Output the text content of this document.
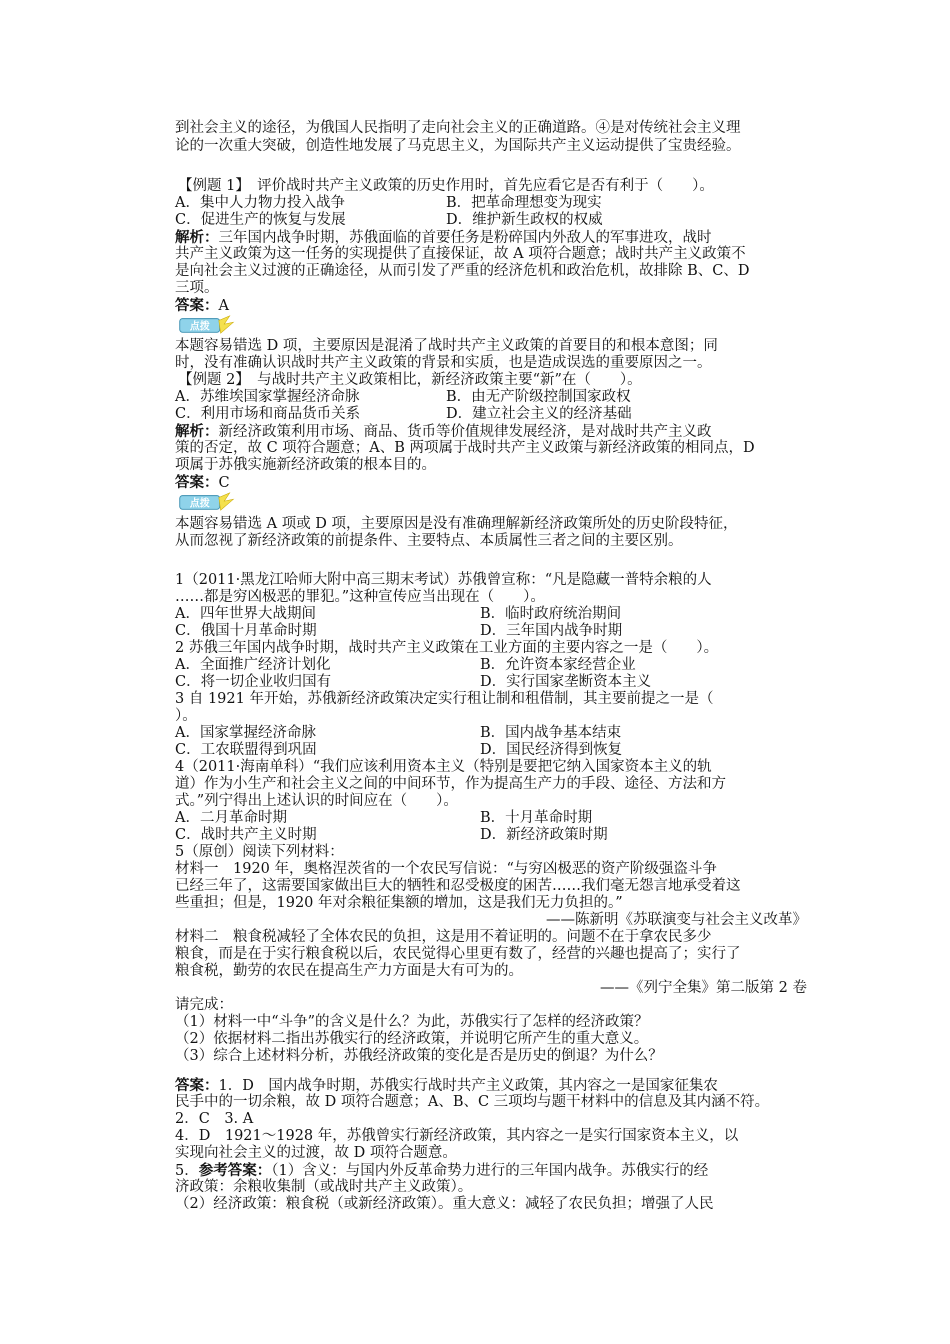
到社会主义的途径，为俄国人民指明了走向社会主义的正确道路。④是对传统社会主义理
论的一次重大突破，创造性地发展了马克思主义，为国际共产主义运动提供了宝贵经验。
【例题 1】　评价战时共产主义政策的历史作用时，首先应看它是否有利于（　　）。
A．集中人力物力投入战争	B．把革命理想变为现实
C．促进生产的恢复与发展	D．维护新生政权的权威
解析：三年国内战争时期，苏俄面临的首要任务是粉碎国内外敌人的军事进攻，战时
共产主义政策为这一任务的实现提供了直接保证，故 A 项符合题意；战时共产主义政策不
是向社会主义过渡的正确途径，从而引发了严重的经济危机和政治危机，故排除 B、C、D
三项。
答案：A
点拨
本题容易错选 D 项，主要原因是混淆了战时共产主义政策的首要目的和根本意图；同
时，没有准确认识战时共产主义政策的背景和实质，也是造成误选的重要原因之一。
【例题 2】　与战时共产主义政策相比，新经济政策主要“新”在（　　）。
A．苏维埃国家掌握经济命脉	B．由无产阶级控制国家政权
C．利用市场和商品货币关系	D．建立社会主义的经济基础
解析：新经济政策利用市场、商品、货币等价值规律发展经济，是对战时共产主义政
策的否定，故 C 项符合题意；A、B 两项属于战时共产主义政策与新经济政策的相同点，D
项属于苏俄实施新经济政策的根本目的。
答案：C
点拨
本题容易错选 A 项或 D 项，主要原因是没有准确理解新经济政策所处的历史阶段特征，
从而忽视了新经济政策的前提条件、主要特点、本质属性三者之间的主要区别。
1（2011·黑龙江哈师大附中高三期末考试）苏俄曾宣称：“凡是隐藏一普特余粮的人
……都是穷凶极恶的罪犯。”这种宣传应当出现在（　　）。
A．四年世界大战期间	B．临时政府统治期间
C．俄国十月革命时期	D．三年国内战争时期
2 苏俄三年国内战争时期，战时共产主义政策在工业方面的主要内容之一是（　　）。
A．全面推广经济计划化	B．允许资本家经营企业
C．将一切企业收归国有	D．实行国家垄断资本主义
3 自 1921 年开始，苏俄新经济政策决定实行租让制和租借制，其主要前提之一是（
）。
A．国家掌握经济命脉	B．国内战争基本结束
C．工农联盟得到巩固	D．国民经济得到恢复
4（2011·海南单科）“我们应该利用资本主义（特别是要把它纳入国家资本主义的轨
道）作为小生产和社会主义之间的中间环节，作为提高生产力的手段、途径、方法和方
式。”列宁得出上述认识的时间应在（　　）。
A．二月革命时期	B．十月革命时期
C．战时共产主义时期	D．新经济政策时期
5（原创）阅读下列材料：
材料一　1920 年，奥格涅茨省的一个农民写信说：“与穷凶极恶的资产阶级强盗斗争
已经三年了，这需要国家做出巨大的牺牲和忍受极度的困苦……我们毫无怨言地承受着这
些重担；但是，1920 年对余粮征集额的增加，这是我们无力负担的。”
——陈新明《苏联演变与社会主义改革》
材料二　粮食税减轻了全体农民的负担，这是用不着证明的。问题不在于拿农民多少
粮食，而是在于实行粮食税以后，农民觉得心里更有数了，经营的兴趣也提高了；实行了
粮食税，勤劳的农民在提高生产力方面是大有可为的。
——《列宁全集》第二版第 2 卷
请完成：
（1）材料一中“斗争”的含义是什么？为此，苏俄实行了怎样的经济政策？
（2）依据材料二指出苏俄实行的经济政策，并说明它所产生的重大意义。
（3）综合上述材料分析，苏俄经济政策的变化是否是历史的倒退？为什么？
答案：1．D　国内战争时期，苏俄实行战时共产主义政策，其内容之一是国家征集农
民手中的一切余粮，故 D 项符合题意；A、B、C 三项均与题干材料中的信息及其内涵不符。
2．C　3. A
4．D　1921～1928 年，苏俄曾实行新经济政策，其内容之一是实行国家资本主义，以
实现向社会主义的过渡，故 D 项符合题意。
5．参考答案：（1）含义：与国内外反革命势力进行的三年国内战争。苏俄实行的经
济政策：余粮收集制（或战时共产主义政策）。
（2）经济政策：粮食税（或新经济政策）。重大意义：减轻了农民负担；增强了人民
